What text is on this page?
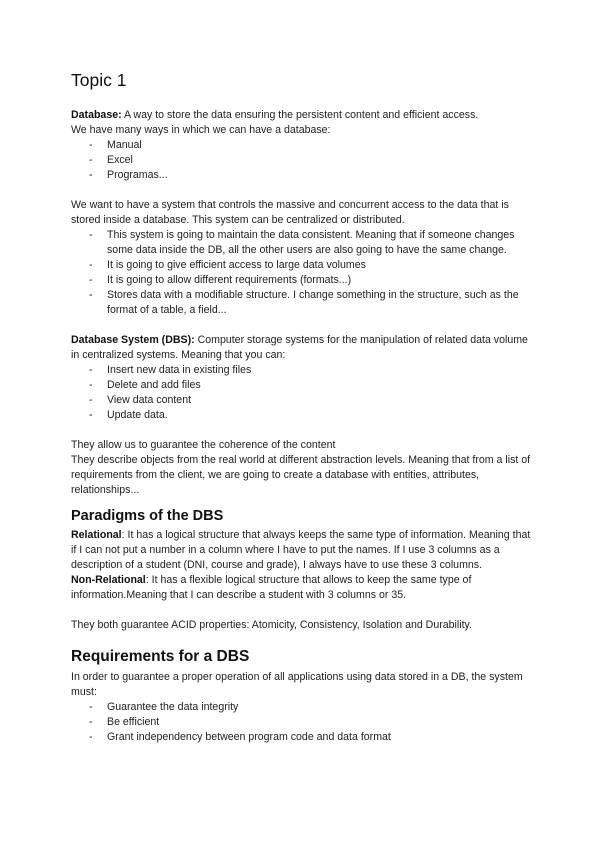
Topic 1

Database: A way to store the data ensuring the persistent content and efficient access.

We have many ways in which we can have a database:

- Manual
- Excel
- Programas...

We want to have a system that controls the massive and concurrent access to the data that is stored inside a database. This system can be centralized or distributed.

- This system is going to maintain the data consistent. Meaning that if someone changes some data inside the DB, all the other users are also going to have the same change.
- It is going to give efficient access to large data volumes
- It is going to allow different requirements (formats...)
- Stores data with a modifiable structure. I change something in the structure, such as the format of a table, a field...

Database System (DBS): Computer storage systems for the manipulation of related data volume in centralized systems. Meaning that you can:

- Insert new data in existing files
- Delete and add files
- View data content
- Update data.

They allow us to guarantee the coherence of the content

They describe objects from the real world at different abstraction levels. Meaning that from a list of requirements from the client, we are going to create a database with entities, attributes, relationships...

Paradigms of the DBS

Relational: It has a logical structure that always keeps the same type of information. Meaning that if I can not put a number in a column where I have to put the names. If I use 3 columns as a description of a student (DNI, course and grade), I always have to use these 3 columns.

Non-Relational: It has a flexible logical structure that allows to keep the same type of information.Meaning that I can describe a student with 3 columns or 35.

They both guarantee ACID properties: Atomicity, Consistency, Isolation and Durability.

Requirements for a DBS

In order to guarantee a proper operation of all applications using data stored in a DB, the system must:

- Guarantee the data integrity
- Be efficient
- Grant independency between program code and data format
